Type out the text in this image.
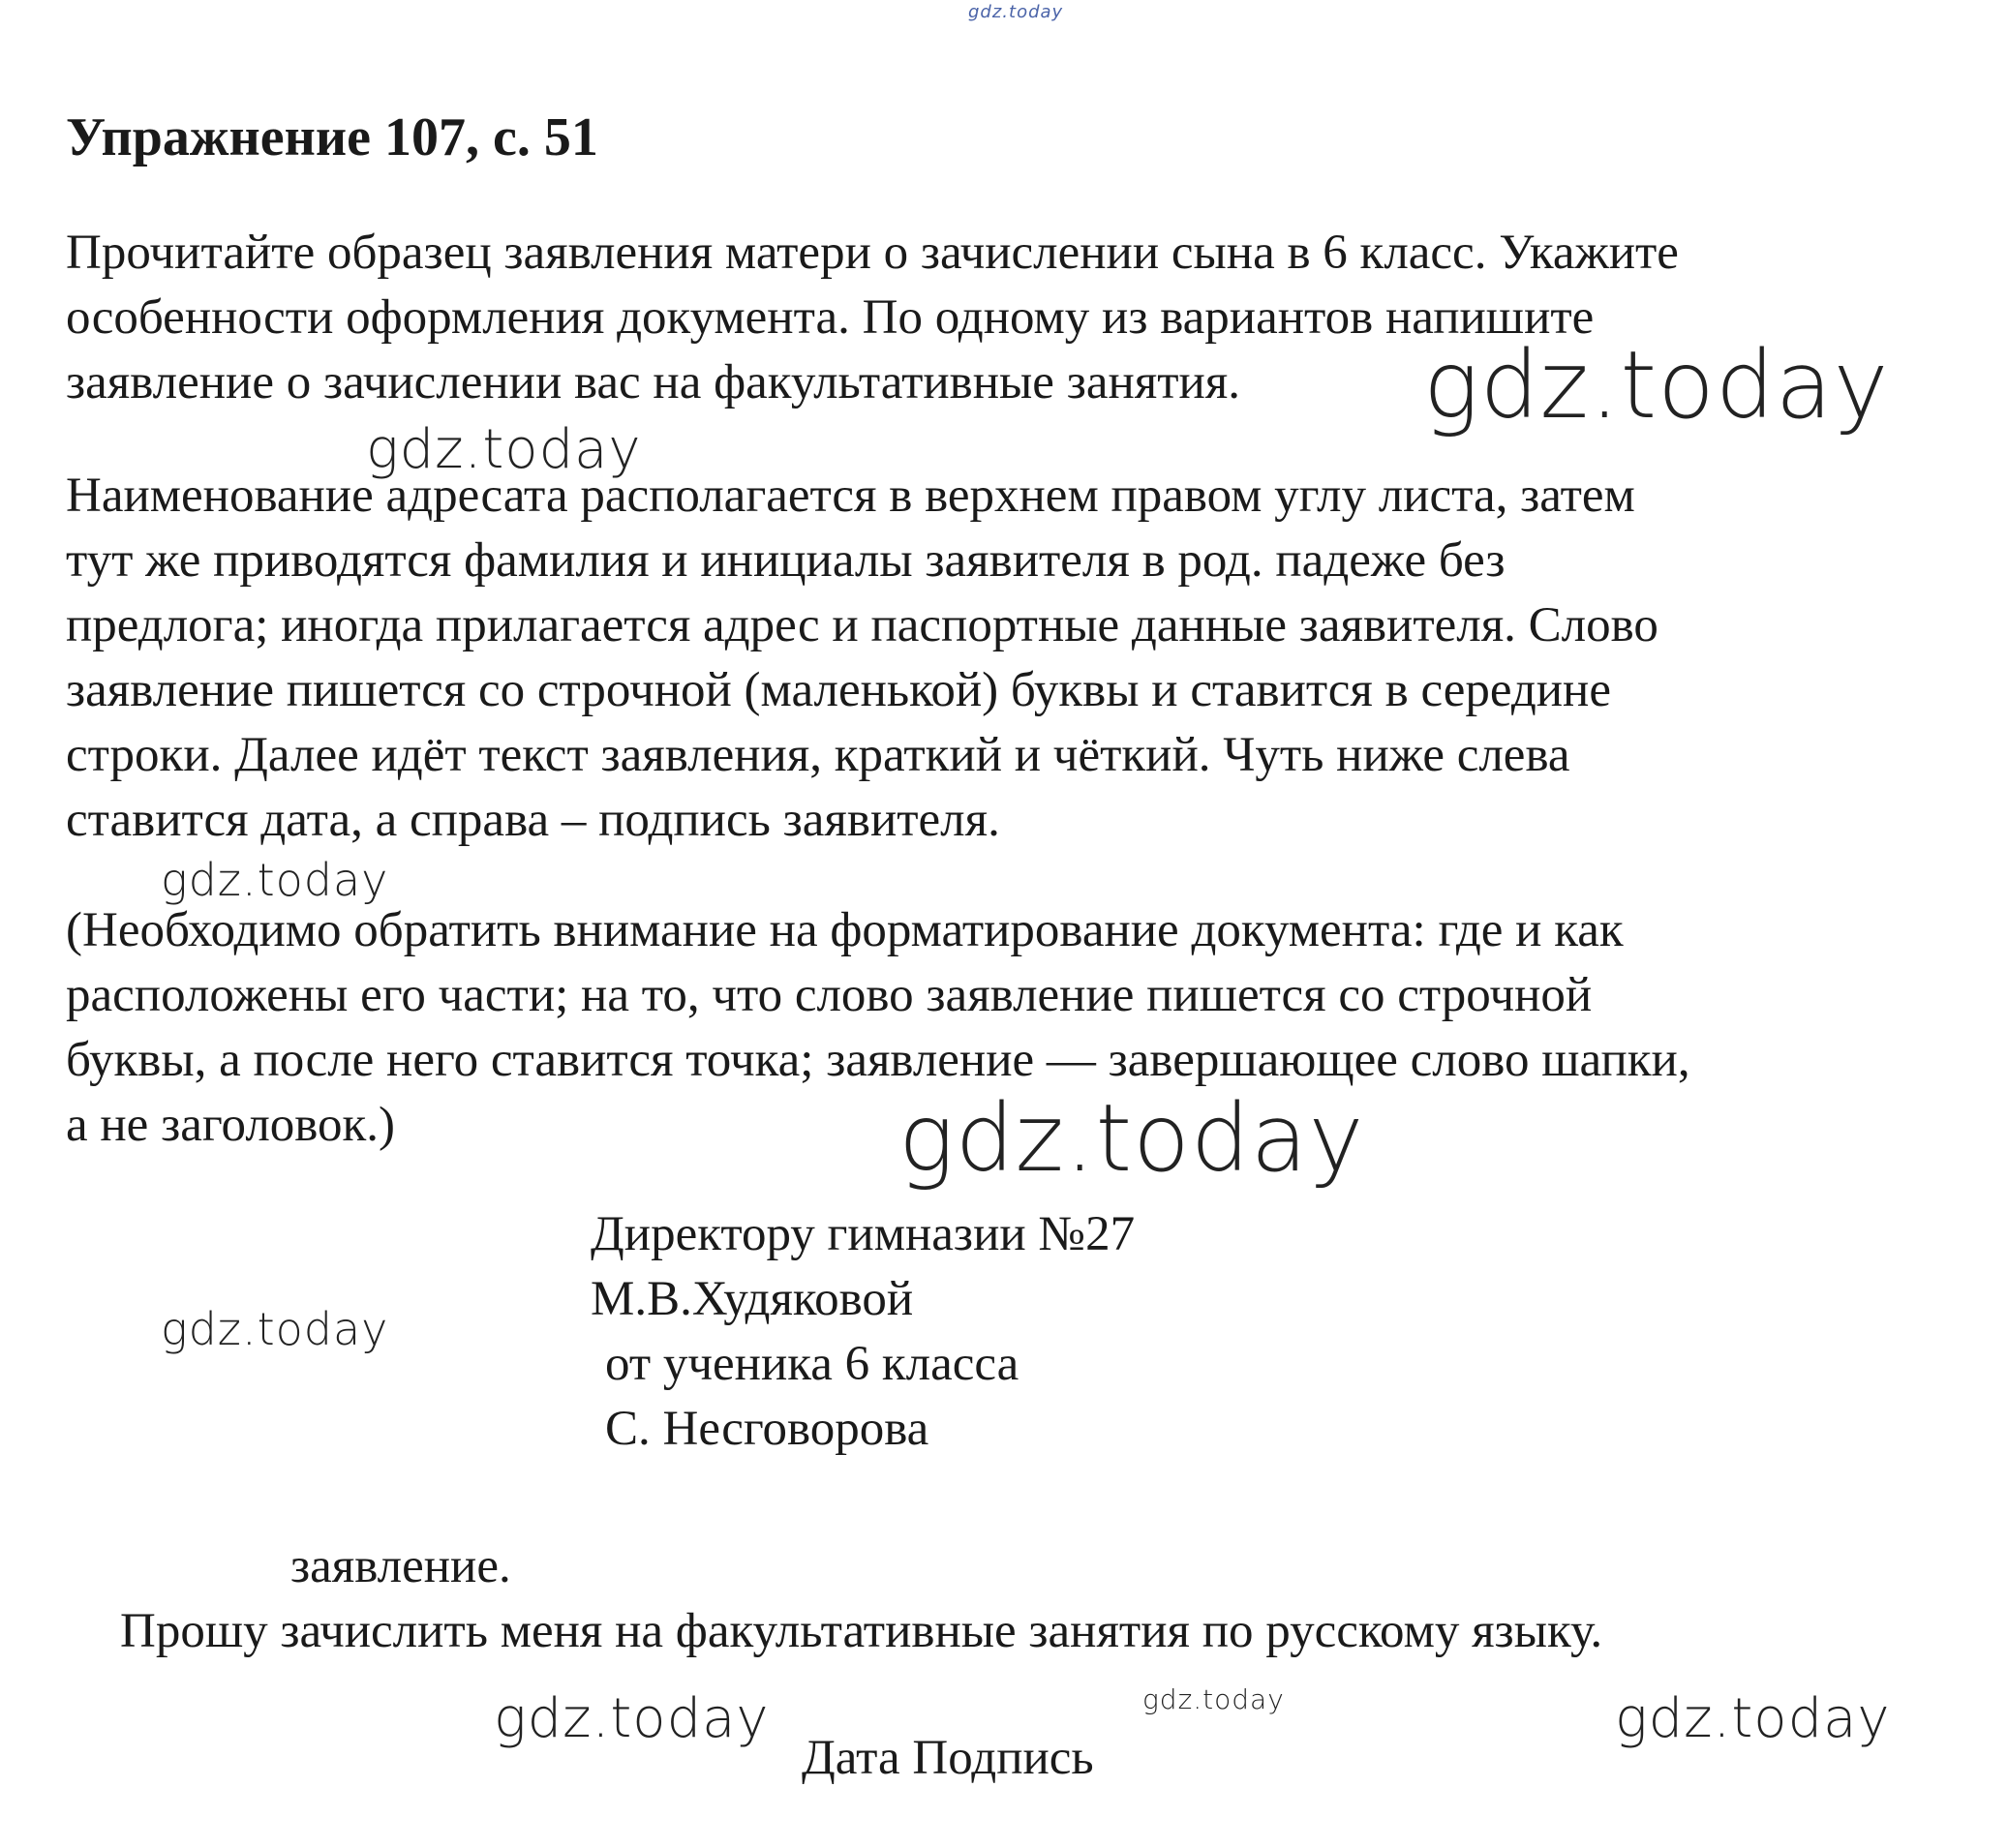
gdz.today
Упражнение 107, с. 51
Прочитайте образец заявления матери о зачислении сына в 6 класс. Укажите
особенности оформления документа. По одному из вариантов напишите
заявление о зачислении вас на факультативные занятия.	gdz.today
gdz.today
Наименование адресата располагается в верхнем правом углу листа, затем
тут же приводятся фамилия и инициалы заявителя в род. падеже без
предлога; иногда прилагается адрес и паспортные данные заявителя. Слово
заявление пишется со строчной (маленькой) буквы и ставится в середине
строки. Далее идёт текст заявления, краткий и чёткий. Чуть ниже слева
ставится дата, а справа – подпись заявителя.
gdz.today
(Необходимо обратить внимание на форматирование документа: где и как
расположены его части; на то, что слово заявление пишется со строчной
буквы, а после него ставится точка; заявление — завершающее слово шапки,
а не заголовок.)	gdz.today
Директору гимназии №27
М.В.Худяковой
от ученика 6 класса
С. Несговорова
gdz.today
заявление.
Прошу зачислить меня на факультативные занятия по русскому языку.
gdz.today	gdz.today	gdz.today
Дата Подпись
